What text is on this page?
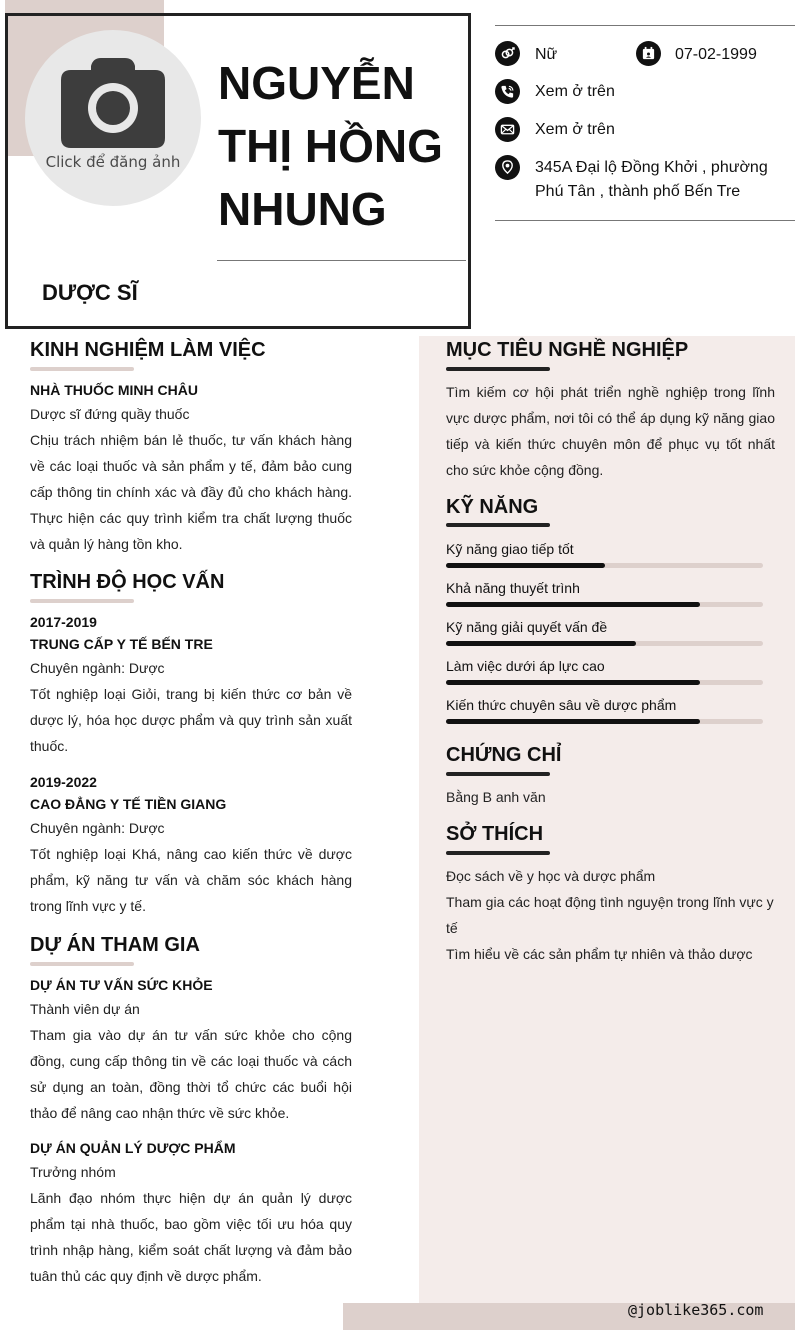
Click để đăng ảnh
NGUYỄN THỊ HỒNG NHUNG
DƯỢC SĨ
Nữ	07-02-1999
Xem ở trên
Xem ở trên
345A Đại lộ Đồng Khởi , phường Phú Tân , thành phố Bến Tre
KINH NGHIỆM LÀM VIỆC
NHÀ THUỐC MINH CHÂU
Dược sĩ đứng quầy thuốc
Chịu trách nhiệm bán lẻ thuốc, tư vấn khách hàng về các loại thuốc và sản phẩm y tế, đảm bảo cung cấp thông tin chính xác và đầy đủ cho khách hàng. Thực hiện các quy trình kiểm tra chất lượng thuốc và quản lý hàng tồn kho.
TRÌNH ĐỘ HỌC VẤN
2017-2019
TRUNG CẤP Y TẾ BẾN TRE
Chuyên ngành: Dược
Tốt nghiệp loại Giỏi, trang bị kiến thức cơ bản về dược lý, hóa học dược phẩm và quy trình sản xuất thuốc.
2019-2022
CAO ĐẲNG Y TẾ TIỀN GIANG
Chuyên ngành: Dược
Tốt nghiệp loại Khá, nâng cao kiến thức về dược phẩm, kỹ năng tư vấn và chăm sóc khách hàng trong lĩnh vực y tế.
DỰ ÁN THAM GIA
DỰ ÁN TƯ VẤN SỨC KHỎE
Thành viên dự án
Tham gia vào dự án tư vấn sức khỏe cho cộng đồng, cung cấp thông tin về các loại thuốc và cách sử dụng an toàn, đồng thời tổ chức các buổi hội thảo để nâng cao nhận thức về sức khỏe.
DỰ ÁN QUẢN LÝ DƯỢC PHẨM
Trưởng nhóm
Lãnh đạo nhóm thực hiện dự án quản lý dược phẩm tại nhà thuốc, bao gồm việc tối ưu hóa quy trình nhập hàng, kiểm soát chất lượng và đảm bảo tuân thủ các quy định về dược phẩm.
MỤC TIÊU NGHỀ NGHIỆP
Tìm kiếm cơ hội phát triển nghề nghiệp trong lĩnh vực dược phẩm, nơi tôi có thể áp dụng kỹ năng giao tiếp và kiến thức chuyên môn để phục vụ tốt nhất cho sức khỏe cộng đồng.
KỸ NĂNG
Kỹ năng giao tiếp tốt
Khả năng thuyết trình
Kỹ năng giải quyết vấn đề
Làm việc dưới áp lực cao
Kiến thức chuyên sâu về dược phẩm
CHỨNG CHỈ
Bằng B anh văn
SỞ THÍCH
Đọc sách về y học và dược phẩm
Tham gia các hoạt động tình nguyện trong lĩnh vực y tế
Tìm hiểu về các sản phẩm tự nhiên và thảo dược
@joblike365.com
